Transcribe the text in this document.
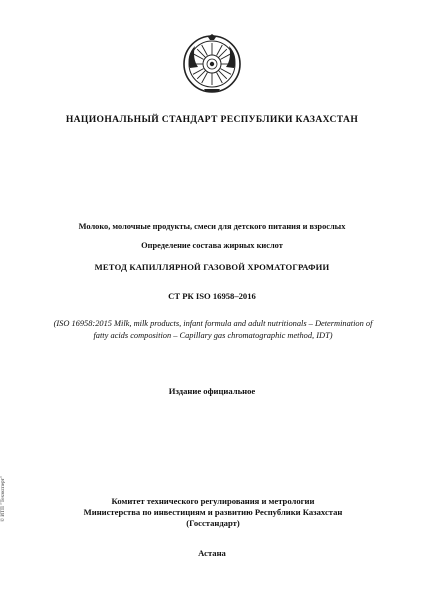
НАЦИОНАЛЬНЫЙ СТАНДАРТ РЕСПУБЛИКИ КАЗАХСТАН
Молоко, молочные продукты, смеси для детского питания и взрослых
Определение состава жирных кислот
МЕТОД КАПИЛЛЯРНОЙ ГАЗОВОЙ ХРОМАТОГРАФИИ
СТ РК ISO 16958–2016
(ISO 16958:2015 Milk, milk products, infant formula and adult nutritionals – Determination of
fatty acids composition – Capillary gas chromatographic method, IDT)
Издание официальное
Комитет технического регулирования и метрологии
Министерства по инвестициям и развитию Республики Казахстан
(Госстандарт)
Астана
© ИТП "Техэксперт"
